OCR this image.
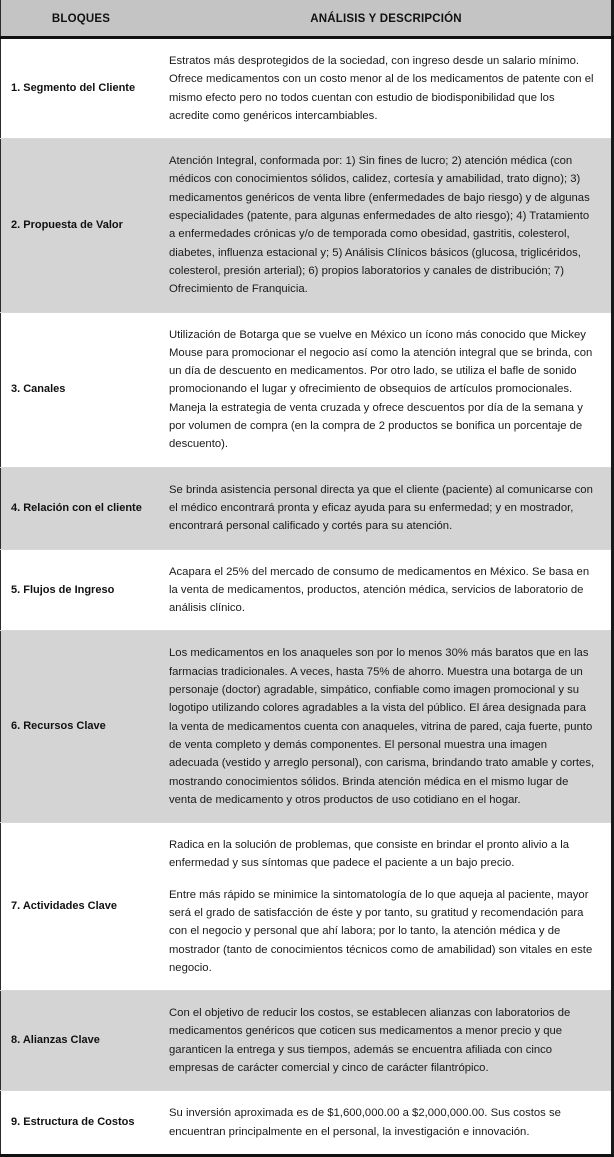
BLOQUES	ANÁLISIS Y DESCRIPCIÓN
1. Segmento del Cliente	Estratos más desprotegidos de la sociedad, con ingreso desde un salario mínimo. Ofrece medicamentos con un costo menor al de los medicamentos de patente con el mismo efecto pero no todos cuentan con estudio de biodisponibilidad que los acredite como genéricos intercambiables.

2. Propuesta de Valor	Atención Integral, conformada por: 1) Sin fines de lucro; 2) atención médica (con médicos con conocimientos sólidos, calidez, cortesía y amabilidad, trato digno); 3) medicamentos genéricos de venta libre (enfermedades de bajo riesgo) y de algunas especialidades (patente, para algunas enfermedades de alto riesgo); 4) Tratamiento a enfermedades crónicas y/o de temporada como obesidad, gastritis, colesterol, diabetes, influenza estacional y; 5) Análisis Clínicos básicos (glucosa, triglicéridos, colesterol, presión arterial); 6) propios laboratorios y canales de distribución; 7) Ofrecimiento de Franquicia.

3. Canales	Utilización de Botarga que se vuelve en México un ícono más conocido que Mickey Mouse para promocionar el negocio así como la atención integral que se brinda, con un día de descuento en medicamentos. Por otro lado, se utiliza el bafle de sonido promocionando el lugar y ofrecimiento de obsequios de artículos promocionales. Maneja la estrategia de venta cruzada y ofrece descuentos por día de la semana y por volumen de compra (en la compra de 2 productos se bonifica un porcentaje de descuento).

4. Relación con el cliente	Se brinda asistencia personal directa ya que el cliente (paciente) al comunicarse con el médico encontrará pronta y eficaz ayuda para su enfermedad; y en mostrador, encontrará personal calificado y cortés para su atención.

5. Flujos de Ingreso	Acapara el 25% del mercado de consumo de medicamentos en México. Se basa en la venta de medicamentos, productos, atención médica, servicios de laboratorio de análisis clínico.

6. Recursos Clave	Los medicamentos en los anaqueles son por lo menos 30% más baratos que en las farmacias tradicionales. A veces, hasta 75% de ahorro. Muestra una botarga de un personaje (doctor) agradable, simpático, confiable como imagen promocional y su logotipo utilizando colores agradables a la vista del público. El área designada para la venta de medicamentos cuenta con anaqueles, vitrina de pared, caja fuerte, punto de venta completo y demás componentes. El personal muestra una imagen adecuada (vestido y arreglo personal), con carisma, brindando trato amable y cortes, mostrando conocimientos sólidos. Brinda atención médica en el mismo lugar de venta de medicamento y otros productos de uso cotidiano en el hogar.

7. Actividades Clave	Radica en la solución de problemas, que consiste en brindar el pronto alivio a la enfermedad y sus síntomas que padece el paciente a un bajo precio.

Entre más rápido se minimice la sintomatología de lo que aqueja al paciente, mayor será el grado de satisfacción de éste y por tanto, su gratitud y recomendación para con el negocio y personal que ahí labora; por lo tanto, la atención médica y de mostrador (tanto de conocimientos técnicos como de amabilidad) son vitales en este negocio.

8. Alianzas Clave	Con el objetivo de reducir los costos, se establecen alianzas con laboratorios de medicamentos genéricos que coticen sus medicamentos a menor precio y que garanticen la entrega y sus tiempos, además se encuentra afiliada con cinco empresas de carácter comercial y cinco de carácter filantrópico.

9. Estructura de Costos	Su inversión aproximada es de $1,600,000.00 a $2,000,000.00. Sus costos se encuentran principalmente en el personal, la investigación e innovación.
